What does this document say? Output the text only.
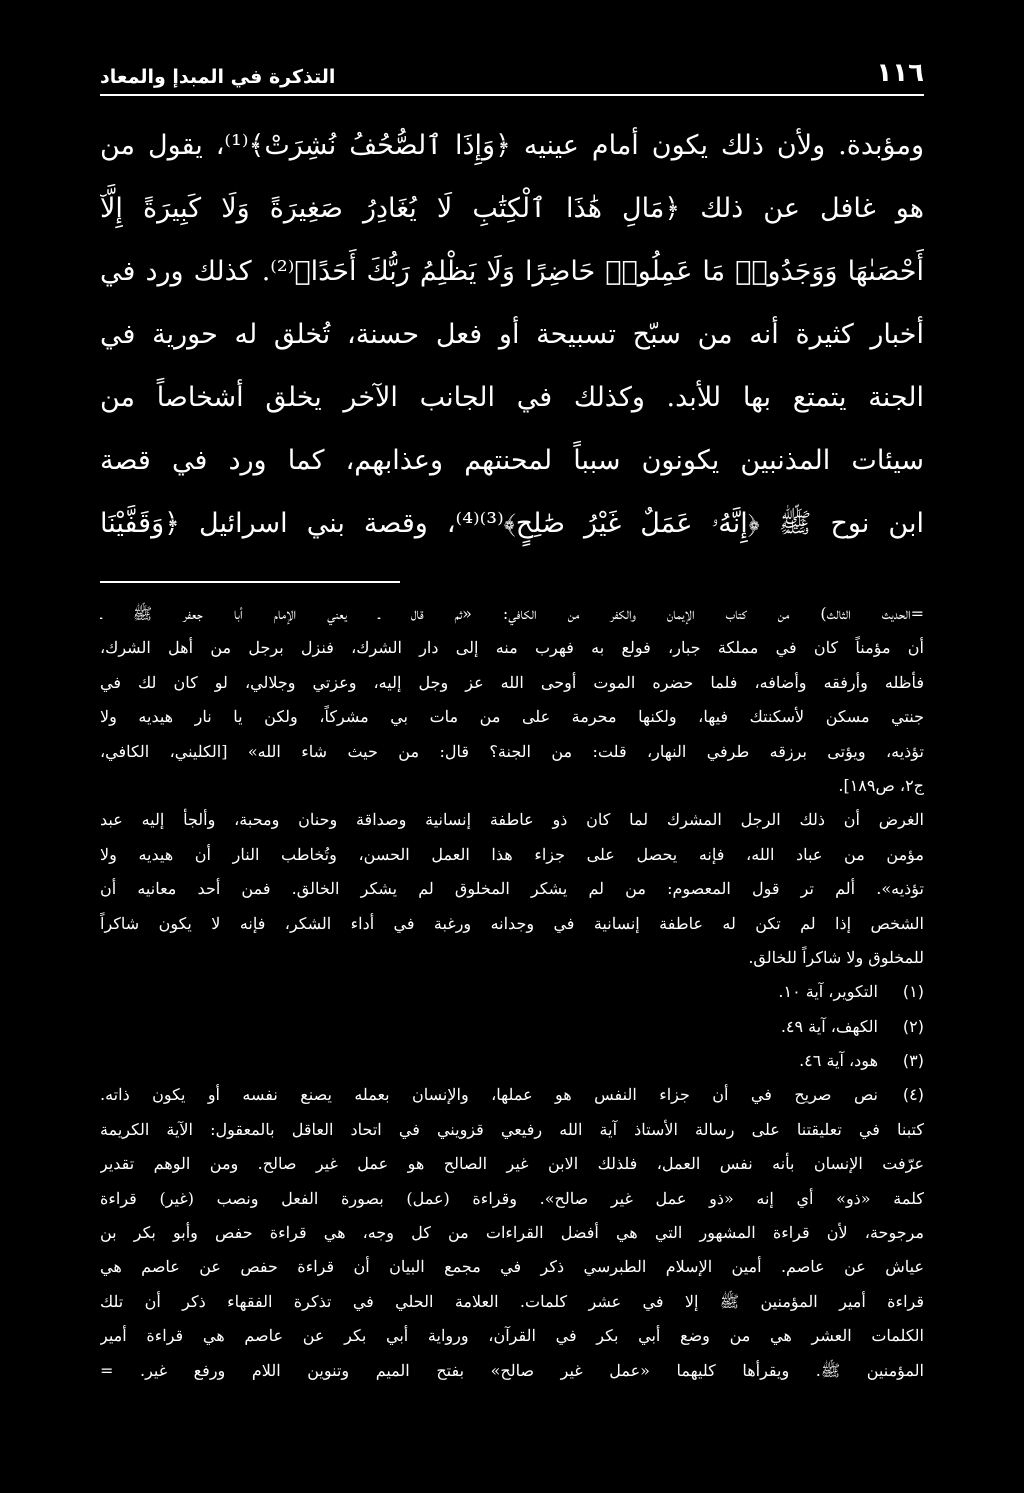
١١٦
التذكرة في المبدإ والمعاد
ومؤبدة. ولأن ذلك يكون أمام عينيه ﴿وَإِذَا ٱلصُّحُفُ نُشِرَتْ﴾⁽¹⁾، يقول من
هو غافل عن ذلك ﴿مَالِ هَٰذَا ٱلْكِتَٰبِ لَا يُغَادِرُ صَغِيرَةً وَلَا كَبِيرَةً إِلَّآ
أَحْصَىٰهَا وَوَجَدُوا۟ مَا عَمِلُوا۟ حَاضِرًا وَلَا يَظْلِمُ رَبُّكَ أَحَدًا﴾⁽²⁾. كذلك ورد في
أخبار كثيرة أنه من سبّح تسبيحة أو فعل حسنة، تُخلق له حورية في
الجنة يتمتع بها للأبد. وكذلك في الجانب الآخر يخلق أشخاصاً من
سيئات المذنبين يكونون سبباً لمحنتهم وعذابهم، كما ورد في قصة
ابن نوح ﷺ ﴿إِنَّهُۥ عَمَلٌ غَيْرُ صَٰلِحٍ﴾⁽³⁾⁽⁴⁾، وقصة بني اسرائيل ﴿وَقَفَّيْنَا
=الحديث الثالث) من كتاب الإيمان والكفر من الكافي: «ثم قال ـ يعني الإمام أبا جعفر ﷺ ـ
أن مؤمناً كان في مملكة جبار، فولع به فهرب منه إلى دار الشرك، فنزل برجل من أهل الشرك،
فأظله وأرفقه وأضافه، فلما حضره الموت أوحى الله عز وجل إليه، وعزتي وجلالي، لو كان لك في
جنتي مسكن لأسكنتك فيها، ولكنها محرمة على من مات بي مشركاً، ولكن يا نار هيديه ولا
تؤذيه، ويؤتى برزقه طرفي النهار، قلت: من الجنة؟ قال: من حيث شاء الله» [الكليني، الكافي،
ج٢، ص١٨٩].
الغرض أن ذلك الرجل المشرك لما كان ذو عاطفة إنسانية وصداقة وحنان ومحبة، وألجأ إليه عبد
مؤمن من عباد الله، فإنه يحصل على جزاء هذا العمل الحسن، وتُخاطب النار أن هيديه ولا
تؤذيه». ألم تر قول المعصوم: من لم يشكر المخلوق لم يشكر الخالق. فمن أحد معانيه أن
الشخص إذا لم تكن له عاطفة إنسانية في وجدانه ورغبة في أداء الشكر، فإنه لا يكون شاكراً
للمخلوق ولا شاكراً للخالق.
(١)
التكوير، آية ١٠.
(٢)
الكهف، آية ٤٩.
(٣)
هود، آية ٤٦.
(٤)
نص صريح في أن جزاء النفس هو عملها، والإنسان بعمله يصنع نفسه أو يكون ذاته.
كتبنا في تعليقتنا على رسالة الأستاذ آية الله رفيعي قزويني في اتحاد العاقل بالمعقول: الآية الكريمة
عرّفت الإنسان بأنه نفس العمل، فلذلك الابن غير الصالح هو عمل غير صالح. ومن الوهم تقدير
كلمة «ذو» أي إنه «ذو عمل غير صالح». وقراءة (عمل) بصورة الفعل ونصب (غير) قراءة
مرجوحة، لأن قراءة المشهور التي هي أفضل القراءات من كل وجه، هي قراءة حفص وأبو بكر بن
عياش عن عاصم. أمين الإسلام الطبرسي ذكر في مجمع البيان أن قراءة حفص عن عاصم هي
قراءة أمير المؤمنين ﷺ إلا في عشر كلمات. العلامة الحلي في تذكرة الفقهاء ذكر أن تلك
الكلمات العشر هي من وضع أبي بكر في القرآن، ورواية أبي بكر عن عاصم هي قراءة أمير
المؤمنين ﷺ. ويقرأها كليهما «عمل غير صالح» بفتح الميم وتنوين اللام ورفع غير. =
